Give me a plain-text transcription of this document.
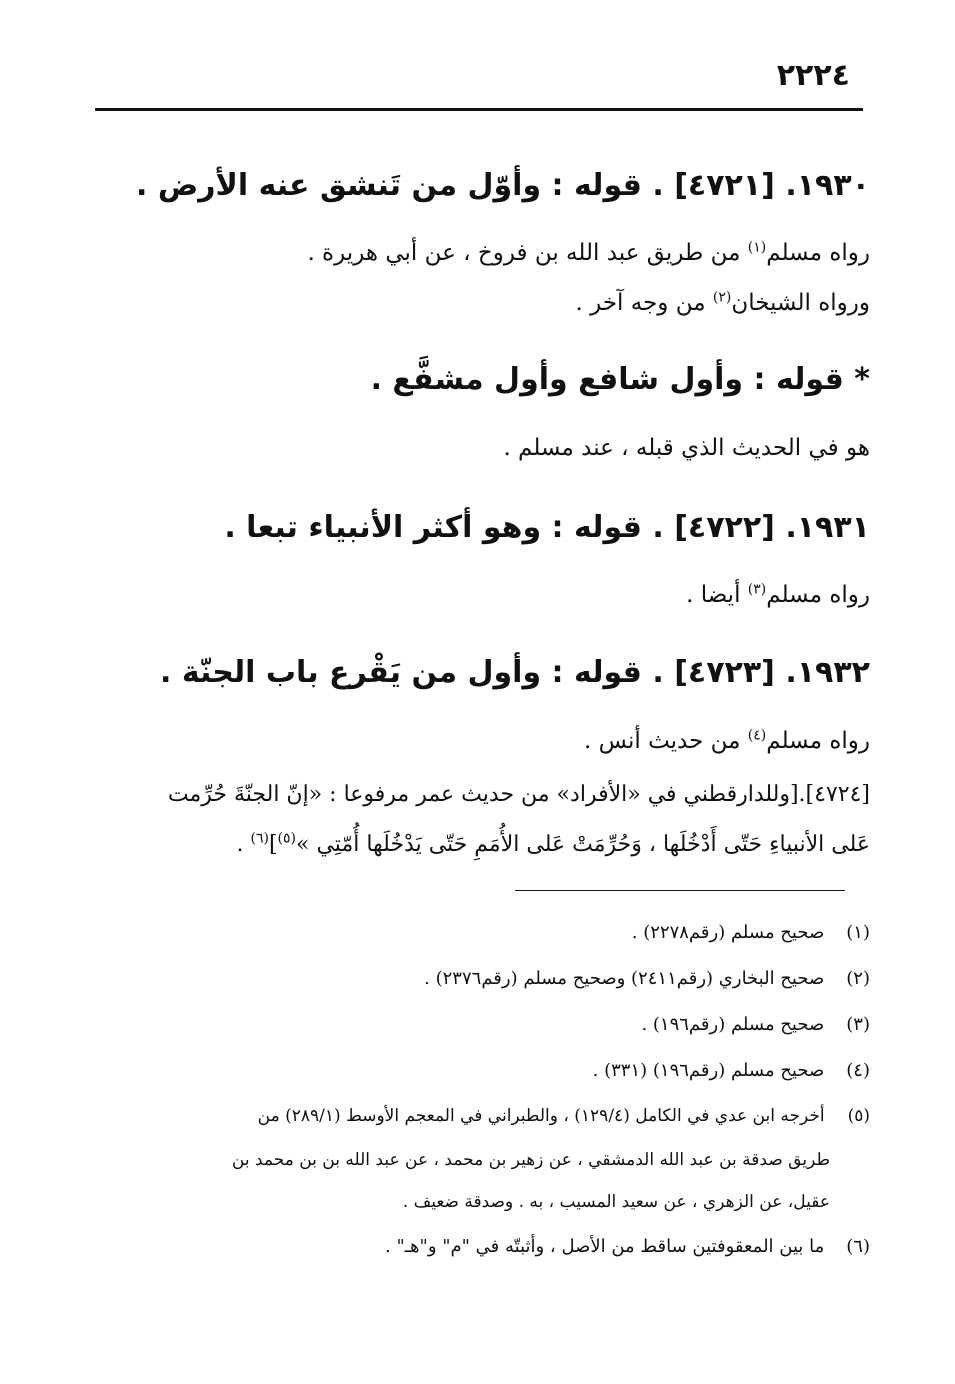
٢٢٢٤
١٩٣٠. [٤٧٢١] . قوله : وأوّل من تَنشق عنه الأرض .
رواه مسلم$^{(١)}$ من طريق عبد الله بن فروخ ، عن أبي هريرة .
ورواه الشيخان$^{(٢)}$ من وجه آخر .
* قوله : وأول شافع وأول مشفَّع .
هو في الحديث الذي قبله ، عند مسلم .
١٩٣١. [٤٧٢٢] . قوله : وهو أكثر الأنبياء تبعا .
رواه مسلم$^{(٣)}$ أيضا .
١٩٣٢. [٤٧٢٣] . قوله : وأول من يَقْرع باب الجنّة .
رواه مسلم$^{(٤)}$ من حديث أنس .
[٤٧٢٤].[وللدارقطني في «الأفراد» من حديث عمر مرفوعا : «إنّ الجنّةَ حُرِّمت
عَلى الأنبياءِ حَتّى أَدْخُلَها ، وَحُرِّمَتْ عَلى الأُمَمِ حَتّى يَدْخُلَها أُمّتِي »$^{(٥)}$]$^{(٦)}$ .
(١) صحيح مسلم (رقم٢٢٧٨) .
(٢) صحيح البخاري (رقم٢٤١١) وصحيح مسلم (رقم٢٣٧٦) .
(٣) صحيح مسلم (رقم١٩٦) .
(٤) صحيح مسلم (رقم١٩٦) (٣٣١) .
(٥) أخرجه ابن عدي في الكامل (١٢٩/٤) ، والطبراني في المعجم الأوسط (٢٨٩/١) من
طريق صدقة بن عبد الله الدمشقي ، عن زهير بن محمد ، عن عبد الله بن بن محمد بن
عقيل، عن الزهري ، عن سعيد المسيب ، به . وصدقة ضعيف .
(٦) ما بين المعقوفتين ساقط من الأصل ، وأثبتّه في "م" و"هـ" .
